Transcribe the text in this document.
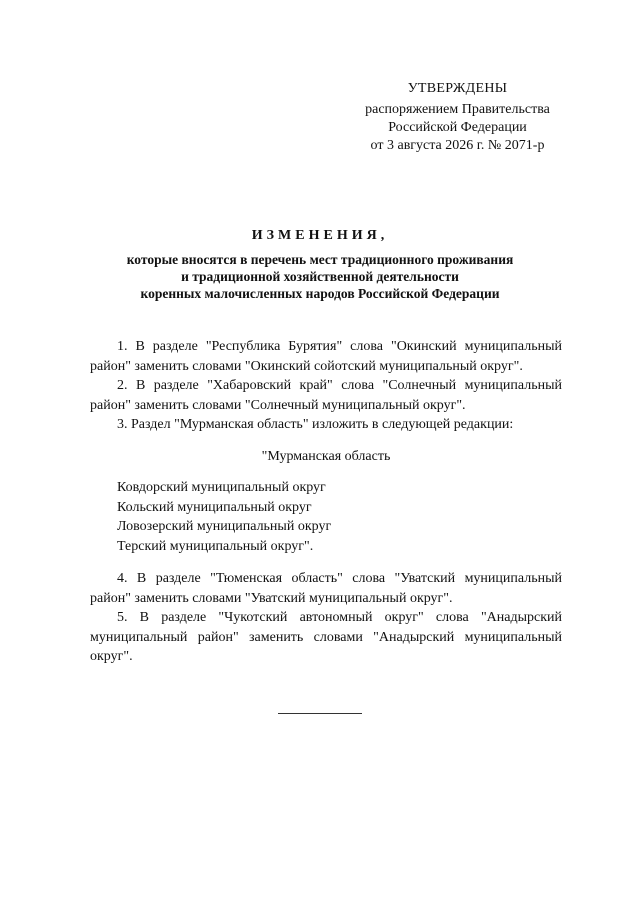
УТВЕРЖДЕНЫ
распоряжением Правительства
Российской Федерации
от 3 августа 2026 г. № 2071-р
ИЗМЕНЕНИЯ,
которые вносятся в перечень мест традиционного проживания
и традиционной хозяйственной деятельности
коренных малочисленных народов Российской Федерации

1. В разделе "Республика Бурятия" слова "Окинский муниципальный район" заменить словами "Окинский сойотский муниципальный округ".

2. В разделе "Хабаровский край" слова "Солнечный муниципальный район" заменить словами "Солнечный муниципальный округ".

3. Раздел "Мурманская область" изложить в следующей редакции:

"Мурманская область

Ковдорский муниципальный округ

Кольский муниципальный округ

Ловозерский муниципальный округ

Терский муниципальный округ".

4. В разделе "Тюменская область" слова "Уватский муниципальный район" заменить словами "Уватский муниципальный округ".

5. В разделе "Чукотский автономный округ" слова "Анадырский муниципальный район" заменить словами "Анадырский муниципальный округ".
